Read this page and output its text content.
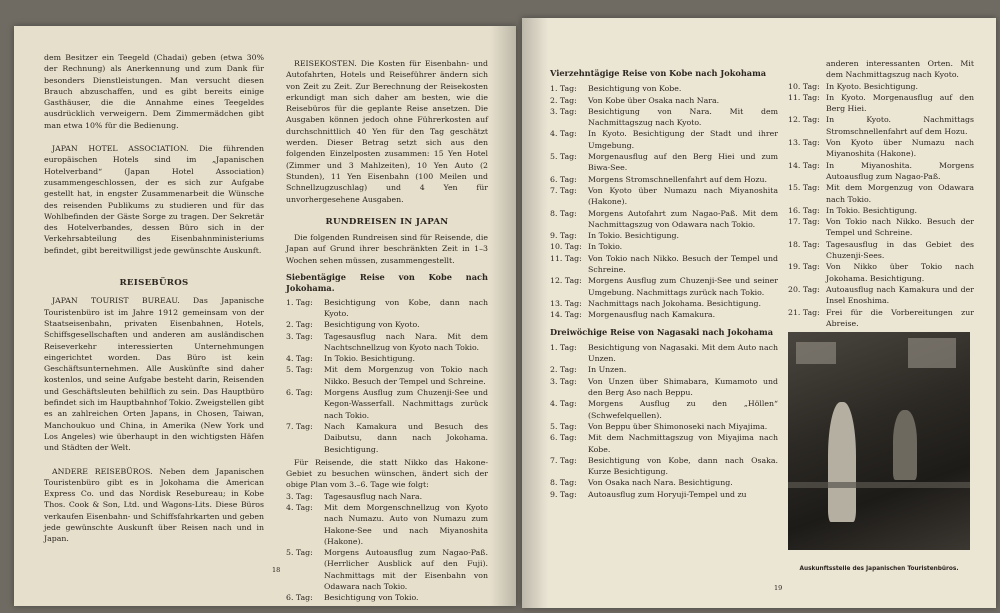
dem Besitzer ein Teegeld (Chadai) geben (etwa 30% der Rechnung) als Anerkennung und zum Dank für besonders Dienstleistungen. Man versucht diesen Brauch abzuschaffen, und es gibt bereits einige Gasthäuser, die die Annahme eines Teegeldes ausdrücklich verweigern. Dem Zimmermädchen gibt man etwa 10% für die Bedienung.

JAPAN HOTEL ASSOCIATION. Die führenden europäischen Hotels sind im „Japanischen Hotelverband“ (Japan Hotel Association) zusammengeschlossen, der es sich zur Aufgabe gestellt hat, in engster Zusammenarbeit die Wünsche des reisenden Publikums zu studieren und für das Wohlbefinden der Gäste Sorge zu tragen. Der Sekretär des Hotelverbandes, dessen Büro sich in der Verkehrsabteilung des Eisenbahnministeriums befindet, gibt bereitwilligst jede gewünschte Auskunft.

REISEBÜROS

JAPAN TOURIST BUREAU. Das Japanische Touristenbüro ist im Jahre 1912 gemeinsam von der Staatseisenbahn, privaten Eisenbahnen, Hotels, Schiffsgesellschaften und anderen am ausländischen Reiseverkehr interessierten Unternehmungen eingerichtet worden. Das Büro ist kein Geschäftsunternehmen. Alle Auskünfte sind daher kostenlos, und seine Aufgabe besteht darin, Reisenden und Geschäftsleuten behilflich zu sein. Das Hauptbüro befindet sich im Hauptbahnhof Tokio. Zweigstellen gibt es an zahlreichen Orten Japans, in Chosen, Taiwan, Manchoukuo und China, in Amerika (New York und Los Angeles) wie überhaupt in den wichtigsten Häfen und Städten der Welt.

ANDERE REISEBÜROS. Neben dem Japanischen Touristenbüro gibt es in Jokohama die American Express Co. und das Nordisk Resebureau; in Kobe Thos. Cook & Son, Ltd. und Wagons-Lits. Diese Büros verkaufen Eisenbahn- und Schiffsfahrkarten und geben jede gewünschte Auskunft über Reisen nach und in Japan.

REISEKOSTEN. Die Kosten für Eisenbahn- und Autofahrten, Hotels und Reiseführer ändern sich von Zeit zu Zeit. Zur Berechnung der Reisekosten erkundigt man sich daher am besten, wie die Reisebüros für die geplante Reise ansetzen. Die Ausgaben können jedoch ohne Führerkosten auf durchschnittlich 40 Yen für den Tag geschätzt werden. Dieser Betrag setzt sich aus den folgenden Einzelposten zusammen: 15 Yen Hotel (Zimmer und 3 Mahlzeiten), 10 Yen Auto (2 Stunden), 11 Yen Eisenbahn (100 Meilen und Schnellzugzuschlag) und 4 Yen für unvorhergesehene Ausgaben.

RUNDREISEN IN JAPAN

Die folgenden Rundreisen sind für Reisende, die Japan auf Grund ihrer beschränkten Zeit in 1–3 Wochen sehen müssen, zusammengestellt.

Siebentägige Reise von Kobe nach Jokohama.

1. Tag:	Besichtigung von Kobe, dann nach Kyoto.
2. Tag:	Besichtigung von Kyoto.
3. Tag:	Tagesausflug nach Nara. Mit dem Nachtschnellzug von Kyoto nach Tokio.
4. Tag:	In Tokio. Besichtigung.
5. Tag:	Mit dem Morgenzug von Tokio nach Nikko. Besuch der Tempel und Schreine.
6. Tag:	Morgens Ausflug zum Chuzenji-See und Kegon-Wasserfall. Nachmittags zurück nach Tokio.
7. Tag:	Nach Kamakura und Besuch des Daibutsu, dann nach Jokohama. Besichtigung.

Für Reisende, die statt Nikko das Hakone-Gebiet zu besuchen wünschen, ändert sich der obige Plan vom 3.–6. Tage wie folgt:

3. Tag:	Tagesausflug nach Nara.
4. Tag:	Mit dem Morgenschnellzug von Kyoto nach Numazu. Auto von Numazu zum Hakone-See und nach Miyanoshita (Hakone).
5. Tag:	Morgens Autoausflug zum Nagao-Paß. (Herrlicher Ausblick auf den Fuji). Nachmittags mit der Eisenbahn von Odawara nach Tokio.
6. Tag:	Besichtigung von Tokio.
18

Vierzehntägige Reise von Kobe nach Jokohama

1. Tag:	Besichtigung von Kobe.
2. Tag:	Von Kobe über Osaka nach Nara.
3. Tag:	Besichtigung von Nara. Mit dem Nachmittagszug nach Kyoto.
4. Tag:	In Kyoto. Besichtigung der Stadt und ihrer Umgebung.
5. Tag:	Morgenausflug auf den Berg Hiei und zum Biwa-See.
6. Tag:	Morgens Stromschnellenfahrt auf dem Hozu.
7. Tag:	Von Kyoto über Numazu nach Miyanoshita (Hakone).
8. Tag:	Morgens Autofahrt zum Nagao-Paß. Mit dem Nachmittagszug von Odawara nach Tokio.
9. Tag:	In Tokio. Besichtigung.
10. Tag: In Tokio.
11. Tag: Von Tokio nach Nikko. Besuch der Tempel und Schreine.
12. Tag: Morgens Ausflug zum Chuzenji-See und seiner Umgebung. Nachmittags zurück nach Tokio.
13. Tag: Nachmittags nach Jokohama. Besichtigung.
14. Tag: Morgenausflug nach Kamakura.

Dreiwöchige Reise von Nagasaki nach Jokohama

1. Tag:	Besichtigung von Nagasaki. Mit dem Auto nach Unzen.
2. Tag:	In Unzen.
3. Tag:	Von Unzen über Shimabara, Kumamoto und den Berg Aso nach Beppu.
4. Tag:	Morgens Ausflug zu den „Höllen“ (Schwefelquellen).
5. Tag:	Von Beppu über Shimonoseki nach Miyajima.
6. Tag:	Mit dem Nachmittagszug von Miyajima nach Kobe.
7. Tag:	Besichtigung von Kobe, dann nach Osaka. Kurze Besichtigung.
8. Tag:	Von Osaka nach Nara. Besichtigung.
9. Tag:	Autoausflug zum Horyuji-Tempel und zu

anderen interessanten Orten. Mit dem Nachmittagszug nach Kyoto.

10. Tag: In Kyoto. Besichtigung.
11. Tag: In Kyoto. Morgenausflug auf den Berg Hiei.
12. Tag: In Kyoto. Nachmittags Stromschnellenfahrt auf dem Hozu.
13. Tag: Von Kyoto über Numazu nach Miyanoshita (Hakone).
14. Tag: In Miyanoshita. Morgens Autoausflug zum Nagao-Paß.
15. Tag: Mit dem Morgenzug von Odawara nach Tokio.
16. Tag: In Tokio. Besichtigung.
17. Tag: Von Tokio nach Nikko. Besuch der Tempel und Schreine.
18. Tag: Tagesausflug in das Gebiet des Chuzenji-Sees.
19. Tag: Von Nikko über Tokio nach Jokohama. Besichtigung.
20. Tag: Autoausflug nach Kamakura und der Insel Enoshima.
21. Tag: Frei für die Vorbereitungen zur Abreise.
Auskunftsstelle des Japanischen Touristenbüros.
19
